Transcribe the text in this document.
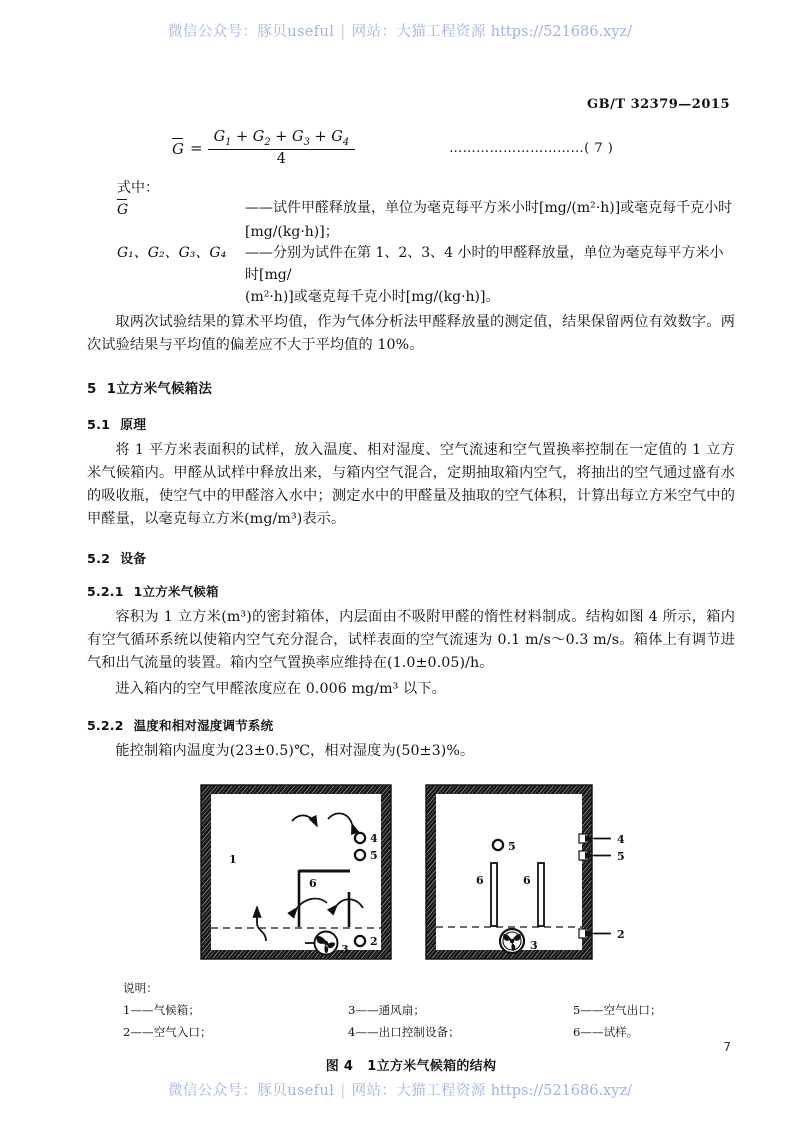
微信公众号：豚贝useful | 网站：大猫工程资源 https://521686.xyz/
GB/T 32379—2015
$G = \frac{G_1 + G_2 + G_3 + G_4}{4}$	…………………………( 7 )
式中：
G	——试件甲醛释放量，单位为毫克每平方米小时[mg/(m²·h)]或毫克每千克小时
[mg/(kg·h)]；
G₁、G₂、G₃、G₄	——分别为试件在第 1、2、3、4 小时的甲醛释放量，单位为毫克每平方米小时[mg/
(m²·h)]或毫克每千克小时[mg/(kg·h)]。

取两次试验结果的算术平均值，作为气体分析法甲醛释放量的测定值，结果保留两位有效数字。两次试验结果与平均值的偏差应不大于平均值的 10%。

5 1立方米气候箱法
5.1 原理

将 1 平方米表面积的试样，放入温度、相对湿度、空气流速和空气置换率控制在一定值的 1 立方米气候箱内。甲醛从试样中释放出来，与箱内空气混合，定期抽取箱内空气，将抽出的空气通过盛有水的吸收瓶，使空气中的甲醛溶入水中；测定水中的甲醛量及抽取的空气体积，计算出每立方米空气中的甲醛量，以毫克每立方米(mg/m³)表示。

5.2 设备
5.2.1 1立方米气候箱

容积为 1 立方米(m³)的密封箱体，内层面由不吸附甲醛的惰性材料制成。结构如图 4 所示，箱内有空气循环系统以使箱内空气充分混合，试样表面的空气流速为 0.1 m/s～0.3 m/s。箱体上有调节进气和出气流量的装置。箱内空气置换率应维持在(1.0±0.05)/h。

进入箱内的空气甲醛浓度应在 0.006 mg/m³ 以下。

5.2.2 温度和相对湿度调节系统

能控制箱内温度为(23±0.5)℃，相对湿度为(50±3)%。

1
6
3
4
5
2
4
5
2
5
6	6
3
说明：
1——气候箱；	3——通风扇；	5——空气出口；
2——空气入口；	4——出口控制设备；	6——试样。
图 4 1立方米气候箱的结构
7
微信公众号：豚贝useful | 网站：大猫工程资源 https://521686.xyz/
